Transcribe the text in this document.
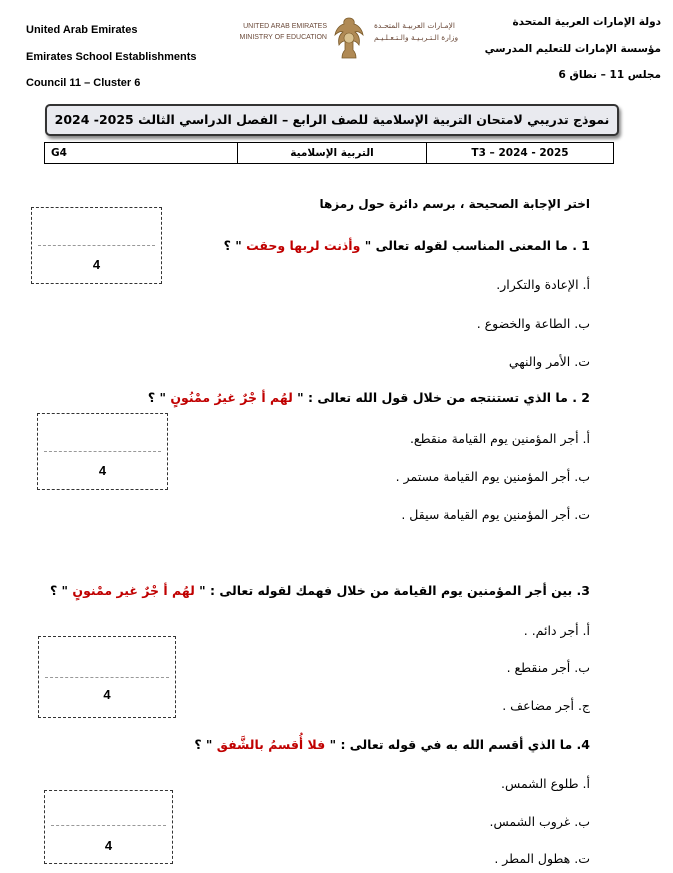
United Arab Emirates
Emirates School Establishments
Council 11 – Cluster 6
UNITED ARAB EMIRATES
MINISTRY OF EDUCATION
الإمـارات العربيـة المتحـدة
وزارة الـتـربـيـة والـتـعـلـيـم
دولة الإمارات العربية المتحدة
مؤسسة الإمارات للتعليم المدرسي
مجلس 11 – نطاق 6
نموذج تدريبي لامتحان التربية الإسلامية للصف الرابع – الفصل الدراسي الثالث 2025- 2024
G4	التربية الإسلامية	T3 – 2024 - 2025
اختر الإجابة الصحيحة ، برسم دائرة حول رمزها
1 . ما المعنى المناسب لقوله تعالى " وأذنت لربها وحقت " ؟
أ. الإعادة والتكرار.
ب. الطاعة والخضوع .
ت. الأمر والنهي
4
2 . ما الذي تستنتجه من خلال قول الله تعالى : " لهُم أ جْرٌ غيرُ ممْنُونٍ " ؟
أ. أجر المؤمنين يوم القيامة منقطع.
ب. أجر المؤمنين يوم القيامة مستمر .
ت. أجر المؤمنين يوم القيامة سيقل .
4
3. بين أجر المؤمنين يوم القيامة من خلال فهمك لقوله تعالى : " لهُم أ جْرٌ غير ممْنونٍ " ؟
أ. أجر دائم. .
ب. أجر منقطع .
ج. أجر مضاعف .
4
4. ما الذي أقسم الله به في قوله تعالى : " فلا أُقسمُ بالشَّفق " ؟
أ. طلوع الشمس.
ب. غروب الشمس.
ت. هطول المطر .
4
